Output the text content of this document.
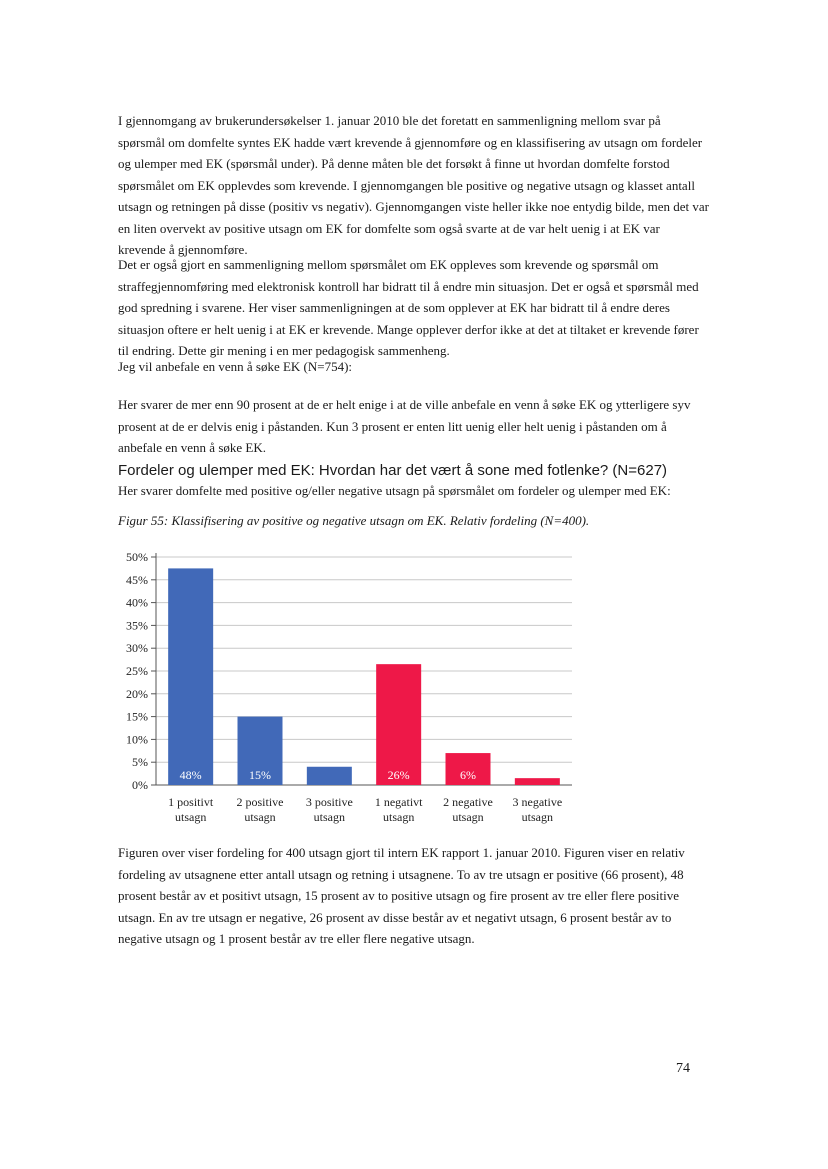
I gjennomgang av brukerundersøkelser 1. januar 2010 ble det foretatt en sammenligning mellom svar på spørsmål om domfelte syntes EK hadde vært krevende å gjennomføre og en klassifisering av utsagn om fordeler og ulemper med EK (spørsmål under). På denne måten ble det forsøkt å finne ut hvordan domfelte forstod spørsmålet om EK opplevdes som krevende. I gjennomgangen ble positive og negative utsagn og klasset antall utsagn og retningen på disse (positiv vs negativ). Gjennomgangen viste heller ikke noe entydig bilde, men det var en liten overvekt av positive utsagn om EK for domfelte som også svarte at de var helt uenig i at EK var krevende å gjennomføre.

Det er også gjort en sammenligning mellom spørsmålet om EK oppleves som krevende og spørsmål om straffegjennomføring med elektronisk kontroll har bidratt til å endre min situasjon. Det er også et spørsmål med god spredning i svarene. Her viser sammenligningen at de som opplever at EK har bidratt til å endre deres situasjon oftere er helt uenig i at EK er krevende. Mange opplever derfor ikke at det at tiltaket er krevende fører til endring. Dette gir mening i en mer pedagogisk sammenheng.

Jeg vil anbefale en venn å søke EK (N=754):

Her svarer de mer enn 90 prosent at de er helt enige i at de ville anbefale en venn å søke EK og ytterligere syv prosent at de er delvis enig i påstanden. Kun 3 prosent er enten litt uenig eller helt uenig i påstanden om å anbefale en venn å søke EK.

Fordeler og ulemper med EK: Hvordan har det vært å sone med fotlenke? (N=627)

Her svarer domfelte med positive og/eller negative utsagn på spørsmålet om fordeler og ulemper med EK:

Figur 55: Klassifisering av positive og negative utsagn om EK. Relativ fordeling (N=400).

0%
5%
10%
15%
20%
25%
30%
35%
40%
45%
50%
48%
1 positivt
utsagn
15%
2 positive
utsagn
3 positive
utsagn
26%
1 negativt
utsagn
6%
2 negative
utsagn
3 negative
utsagn

Figuren over viser fordeling for 400 utsagn gjort til intern EK rapport 1. januar 2010. Figuren viser en relativ fordeling av utsagnene etter antall utsagn og retning i utsagnene. To av tre utsagn er positive (66 prosent), 48 prosent består av et positivt utsagn, 15 prosent av to positive utsagn og fire prosent av tre eller flere positive utsagn. En av tre utsagn er negative, 26 prosent av disse består av et negativt utsagn, 6 prosent består av to negative utsagn og 1 prosent består av tre eller flere negative utsagn.

74
